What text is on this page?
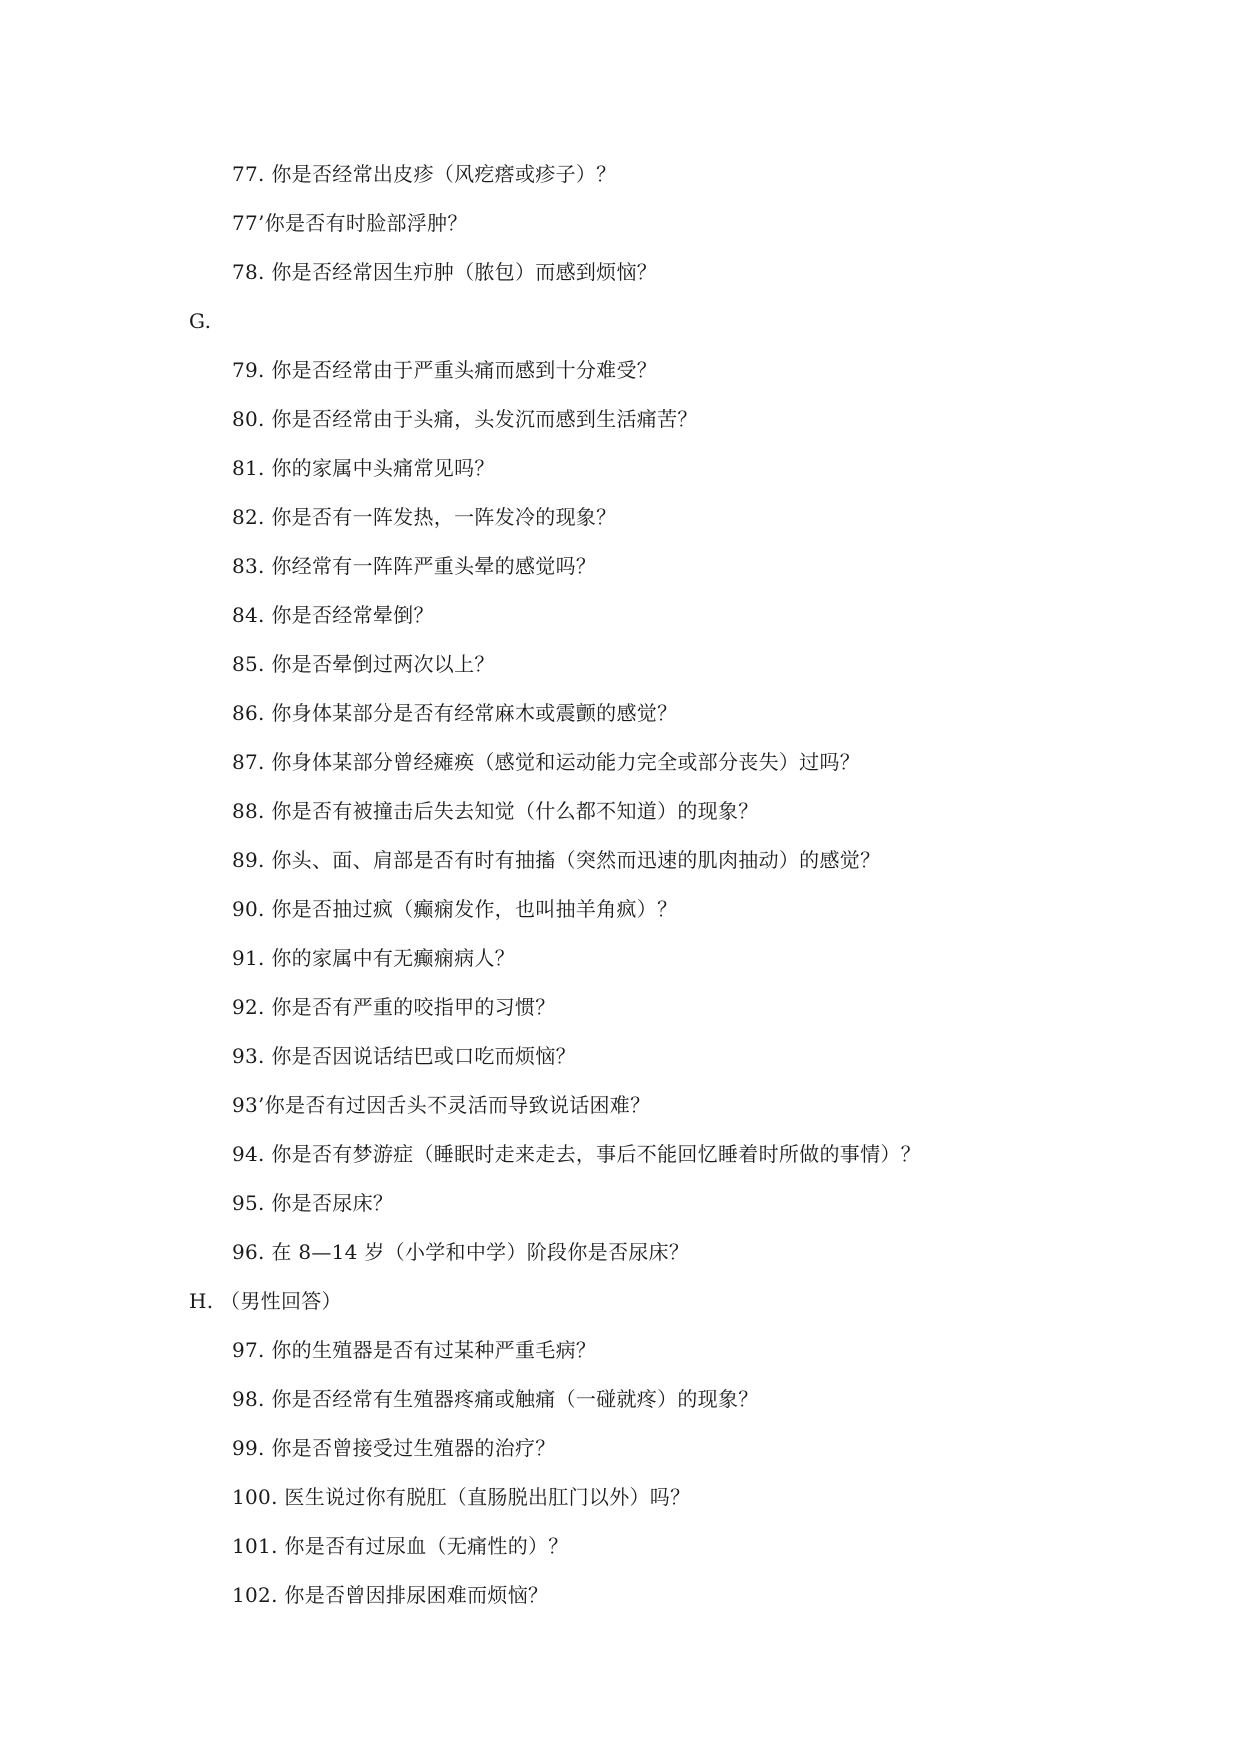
77. 你是否经常出皮疹（风疙瘩或疹子）？
77’你是否有时脸部浮肿？
78. 你是否经常因生疖肿（脓包）而感到烦恼？
G.
79. 你是否经常由于严重头痛而感到十分难受？
80. 你是否经常由于头痛，头发沉而感到生活痛苦？
81. 你的家属中头痛常见吗？
82. 你是否有一阵发热，一阵发冷的现象？
83. 你经常有一阵阵严重头晕的感觉吗？
84. 你是否经常晕倒？
85. 你是否晕倒过两次以上？
86. 你身体某部分是否有经常麻木或震颤的感觉？
87. 你身体某部分曾经瘫痪（感觉和运动能力完全或部分丧失）过吗？
88. 你是否有被撞击后失去知觉（什么都不知道）的现象？
89. 你头、面、肩部是否有时有抽搐（突然而迅速的肌肉抽动）的感觉？
90. 你是否抽过疯（癫痫发作，也叫抽羊角疯）？
91. 你的家属中有无癫痫病人？
92. 你是否有严重的咬指甲的习惯？
93. 你是否因说话结巴或口吃而烦恼？
93’你是否有过因舌头不灵活而导致说话困难？
94. 你是否有梦游症（睡眠时走来走去，事后不能回忆睡着时所做的事情）？
95. 你是否尿床？
96. 在 8—14 岁（小学和中学）阶段你是否尿床？
H. （男性回答）
97. 你的生殖器是否有过某种严重毛病？
98. 你是否经常有生殖器疼痛或触痛（一碰就疼）的现象？
99. 你是否曾接受过生殖器的治疗？
100. 医生说过你有脱肛（直肠脱出肛门以外）吗？
101. 你是否有过尿血（无痛性的）？
102. 你是否曾因排尿困难而烦恼？
